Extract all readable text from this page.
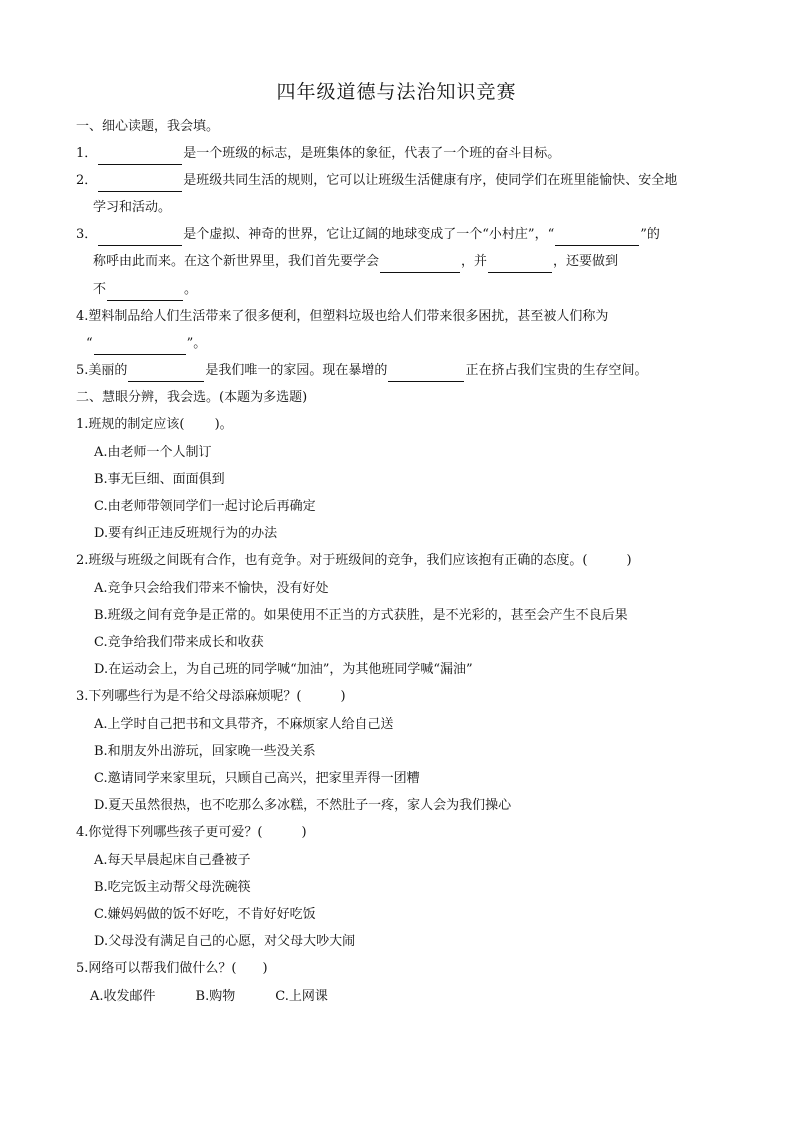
四年级道德与法治知识竞赛
一、细心读题，我会填。
1．	是一个班级的标志，是班集体的象征，代表了一个班的奋斗目标。
2．	是班级共同生活的规则，它可以让班级生活健康有序，使同学们在班里能愉快、安全地
学习和活动。
3．	是个虚拟、神奇的世界，它让辽阔的地球变成了一个“小村庄”，“	”的
称呼由此而来。在这个新世界里，我们首先要学会	，并	，还要做到
不	。
4.塑料制品给人们生活带来了很多便利，但塑料垃圾也给人们带来很多困扰，甚至被人们称为
“	”。
5.美丽的	是我们唯一的家园。现在暴增的	正在挤占我们宝贵的生存空间。
二、慧眼分辨，我会选。(本题为多选题)
1.班规的制定应该(　　 )。
A.由老师一个人制订
B.事无巨细、面面俱到
C.由老师带领同学们一起讨论后再确定
D.要有纠正违反班规行为的办法
2.班级与班级之间既有合作，也有竞争。对于班级间的竞争，我们应该抱有正确的态度。(　　　)
A.竞争只会给我们带来不愉快，没有好处
B.班级之间有竞争是正常的。如果使用不正当的方式获胜，是不光彩的，甚至会产生不良后果
C.竞争给我们带来成长和收获
D.在运动会上，为自己班的同学喊“加油”，为其他班同学喊“漏油”
3.下列哪些行为是不给父母添麻烦呢？(　　　)
A.上学时自己把书和文具带齐，不麻烦家人给自己送
B.和朋友外出游玩，回家晚一些没关系
C.邀请同学来家里玩，只顾自己高兴，把家里弄得一团糟
D.夏天虽然很热，也不吃那么多冰糕，不然肚子一疼，家人会为我们操心
4.你觉得下列哪些孩子更可爱？(　　　)
A.每天早晨起床自己叠被子
B.吃完饭主动帮父母洗碗筷
C.嫌妈妈做的饭不好吃，不肯好好吃饭
D.父母没有满足自己的心愿，对父母大吵大闹
5.网络可以帮我们做什么？(　　)
A.收发邮件	B.购物	C.上网课
